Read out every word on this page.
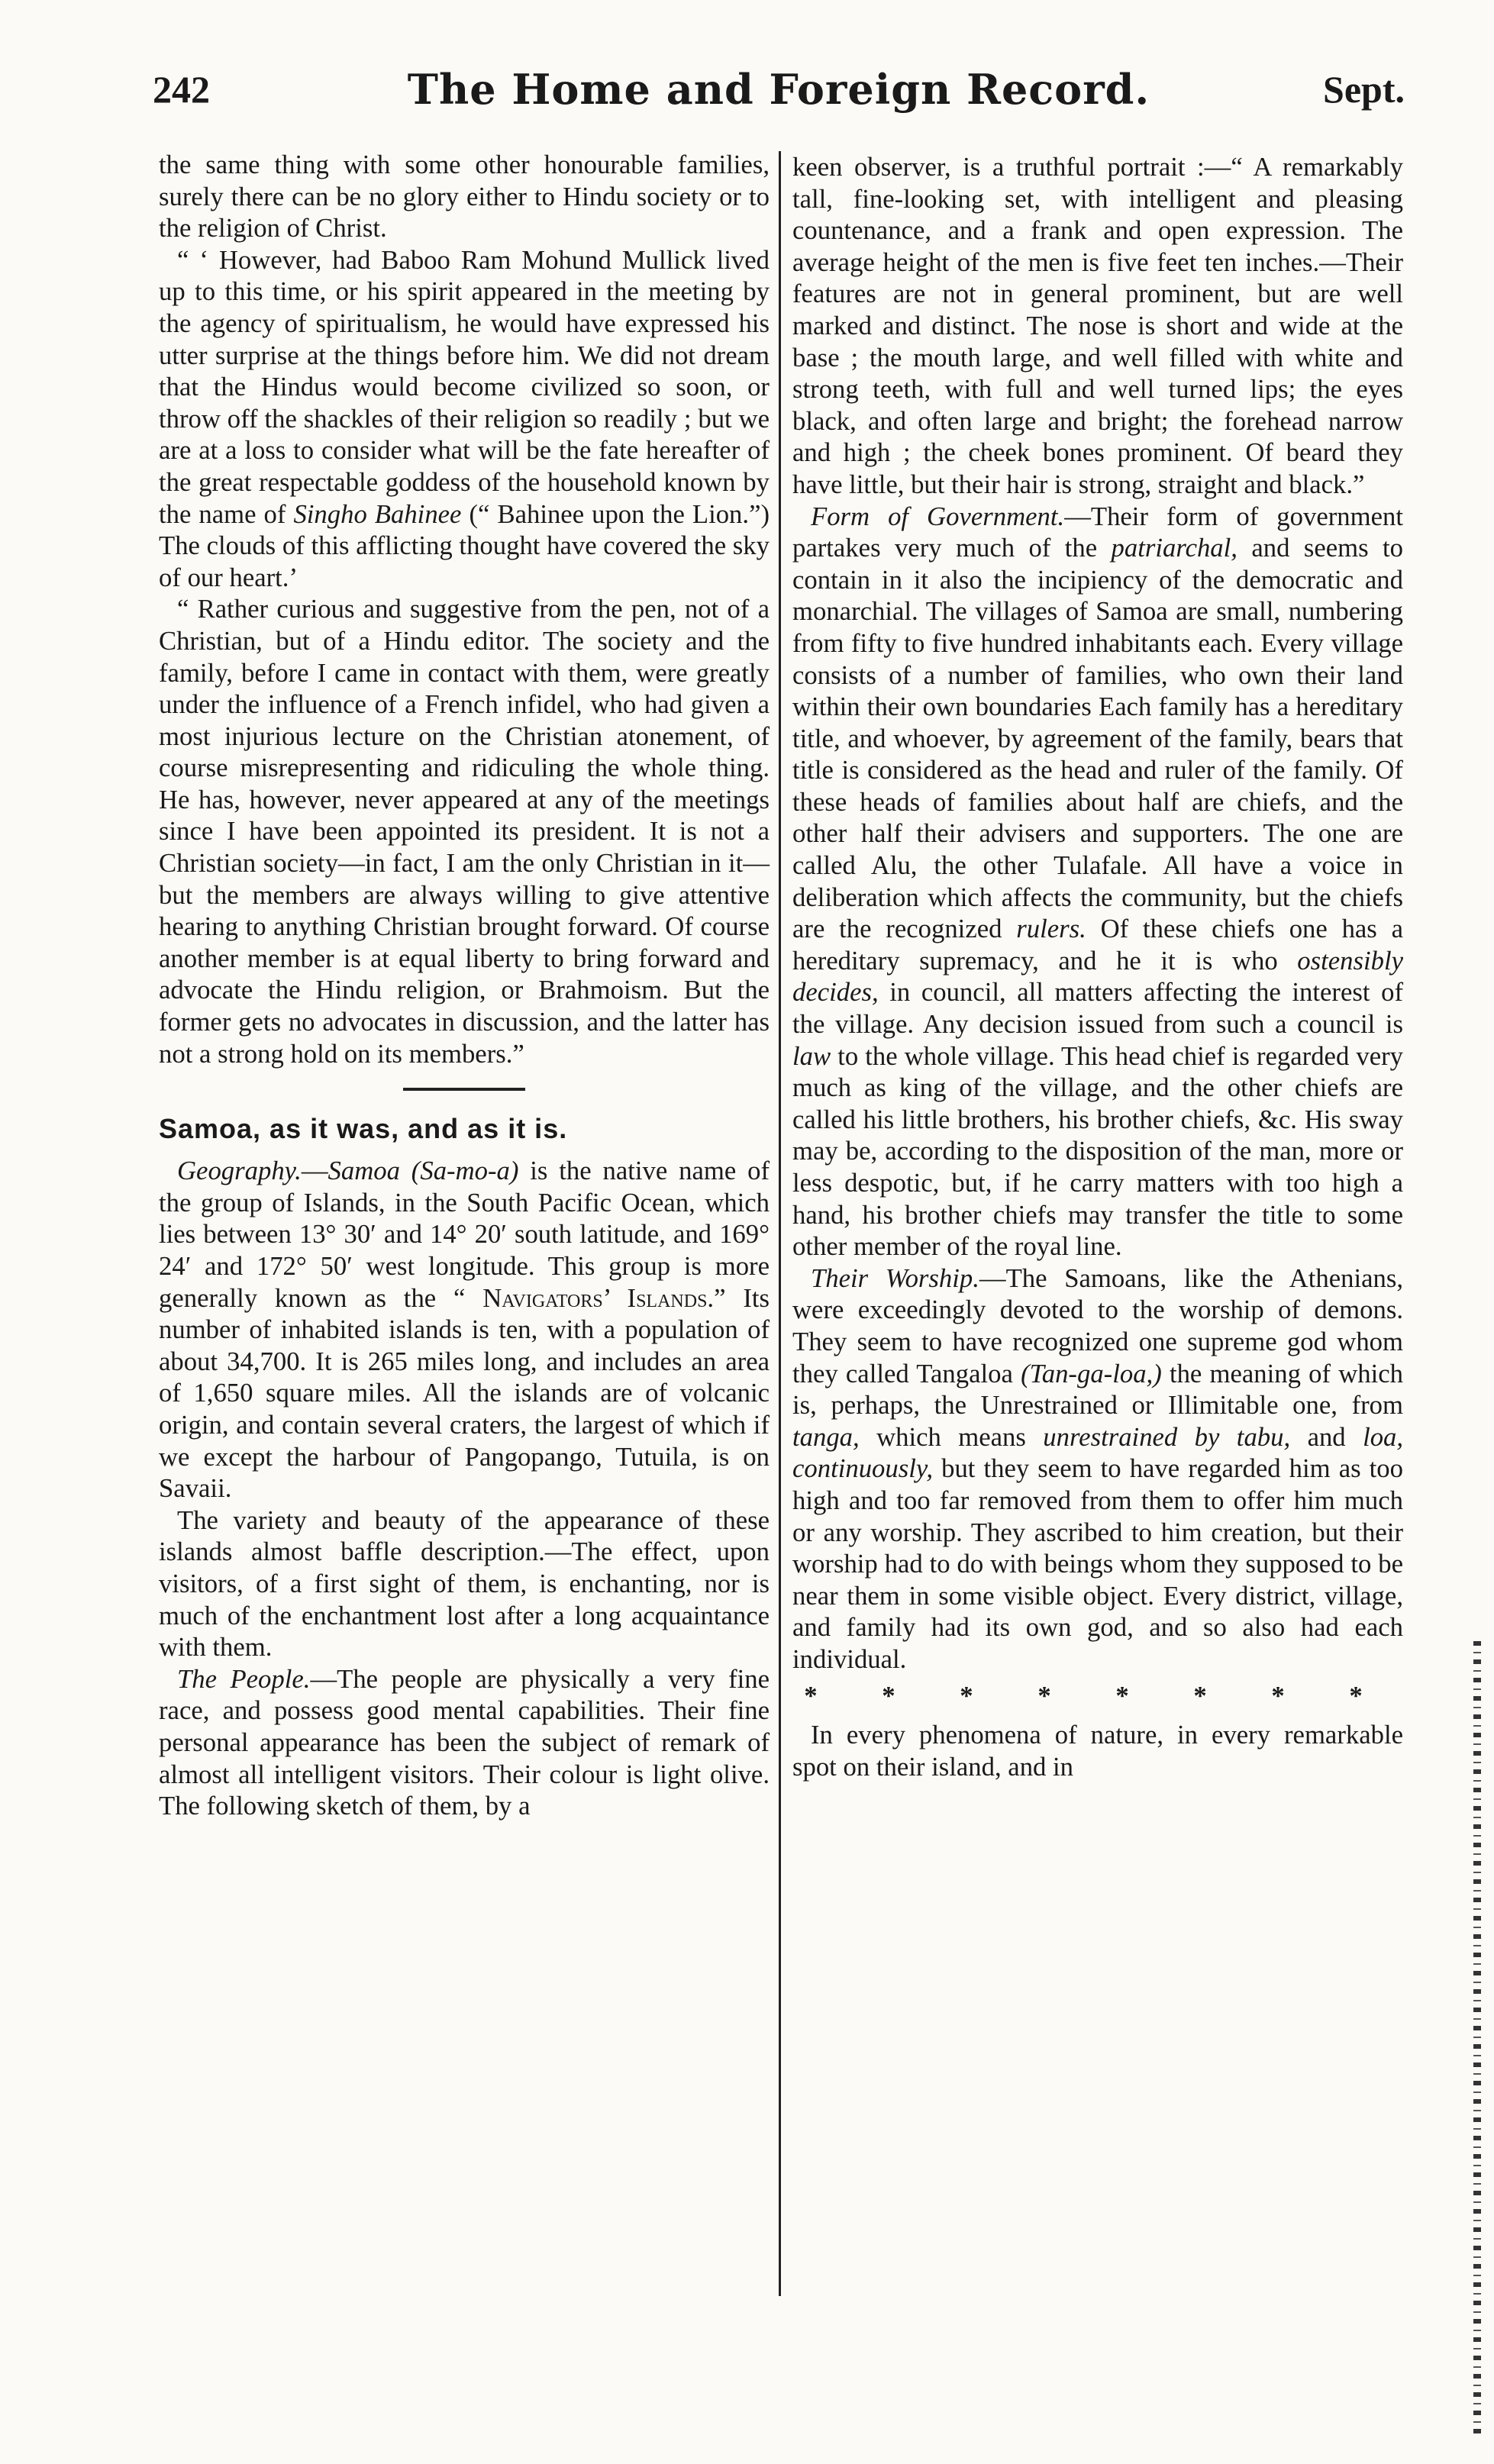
242	The Home and Foreign Record.	Sept.

the same thing with some other honourable families, surely there can be no glory either to Hindu society or to the religion of Christ.

“ ‘ However, had Baboo Ram Mohund Mullick lived up to this time, or his spirit appeared in the meeting by the agency of spiritualism, he would have expressed his utter surprise at the things before him. We did not dream that the Hindus would become civilized so soon, or throw off the shackles of their religion so readily ; but we are at a loss to consider what will be the fate hereafter of the great respectable goddess of the household known by the name of Singho Bahinee (“ Bahinee upon the Lion.”) The clouds of this afflicting thought have covered the sky of our heart.’

“ Rather curious and suggestive from the pen, not of a Christian, but of a Hindu editor. The society and the family, before I came in contact with them, were greatly under the influence of a French infidel, who had given a most injurious lecture on the Christian atonement, of course misrepresenting and ridiculing the whole thing. He has, however, never appeared at any of the meetings since I have been appointed its president. It is not a Christian society—in fact, I am the only Christian in it—but the members are always willing to give attentive hearing to anything Christian brought forward. Of course another member is at equal liberty to bring forward and advocate the Hindu religion, or Brahmoism. But the former gets no advocates in discussion, and the latter has not a strong hold on its members.”

Samoa, as it was, and as it is.

Geography.—Samoa (Sa-mo-a) is the native name of the group of Islands, in the South Pacific Ocean, which lies between 13° 30′ and 14° 20′ south latitude, and 169° 24′ and 172° 50′ west longitude. This group is more generally known as the “ Navigators’ Islands.” Its number of inhabited islands is ten, with a population of about 34,700. It is 265 miles long, and includes an area of 1,650 square miles. All the islands are of volcanic origin, and contain several craters, the largest of which if we except the harbour of Pangopango, Tutuila, is on Savaii.

The variety and beauty of the appearance of these islands almost baffle description.—The effect, upon visitors, of a first sight of them, is enchanting, nor is much of the enchantment lost after a long acquaintance with them.

The People.—The people are physically a very fine race, and possess good mental capabilities. Their fine personal appearance has been the subject of remark of almost all intelligent visitors. Their colour is light olive. The following sketch of them, by a

keen observer, is a truthful portrait :—“ A remarkably tall, fine-looking set, with intelligent and pleasing countenance, and a frank and open expression. The average height of the men is five feet ten inches.—Their features are not in general prominent, but are well marked and distinct. The nose is short and wide at the base ; the mouth large, and well filled with white and strong teeth, with full and well turned lips; the eyes black, and often large and bright; the forehead narrow and high ; the cheek bones prominent. Of beard they have little, but their hair is strong, straight and black.”

Form of Government.—Their form of government partakes very much of the patriarchal, and seems to contain in it also the incipiency of the democratic and monarchial. The villages of Samoa are small, numbering from fifty to five hundred inhabitants each. Every village consists of a number of families, who own their land within their own boundaries Each family has a hereditary title, and whoever, by agreement of the family, bears that title is considered as the head and ruler of the family. Of these heads of families about half are chiefs, and the other half their advisers and supporters. The one are called Alu, the other Tulafale. All have a voice in deliberation which affects the community, but the chiefs are the recognized rulers. Of these chiefs one has a hereditary supremacy, and he it is who ostensibly decides, in council, all matters affecting the interest of the village. Any decision issued from such a council is law to the whole village. This head chief is regarded very much as king of the village, and the other chiefs are called his little brothers, his brother chiefs, &c. His sway may be, according to the disposition of the man, more or less despotic, but, if he carry matters with too high a hand, his brother chiefs may transfer the title to some other member of the royal line.

Their Worship.—The Samoans, like the Athenians, were exceedingly devoted to the worship of demons. They seem to have recognized one supreme god whom they called Tangaloa (Tan-ga-loa,) the meaning of which is, perhaps, the Unrestrained or Illimitable one, from tanga, which means unrestrained by tabu, and loa, continuously, but they seem to have regarded him as too high and too far removed from them to offer him much or any worship. They ascribed to him creation, but their worship had to do with beings whom they supposed to be near them in some visible object. Every district, village, and family had its own god, and so also had each individual.

* * * * * * * *

In every phenomena of nature, in every remarkable spot on their island, and in
